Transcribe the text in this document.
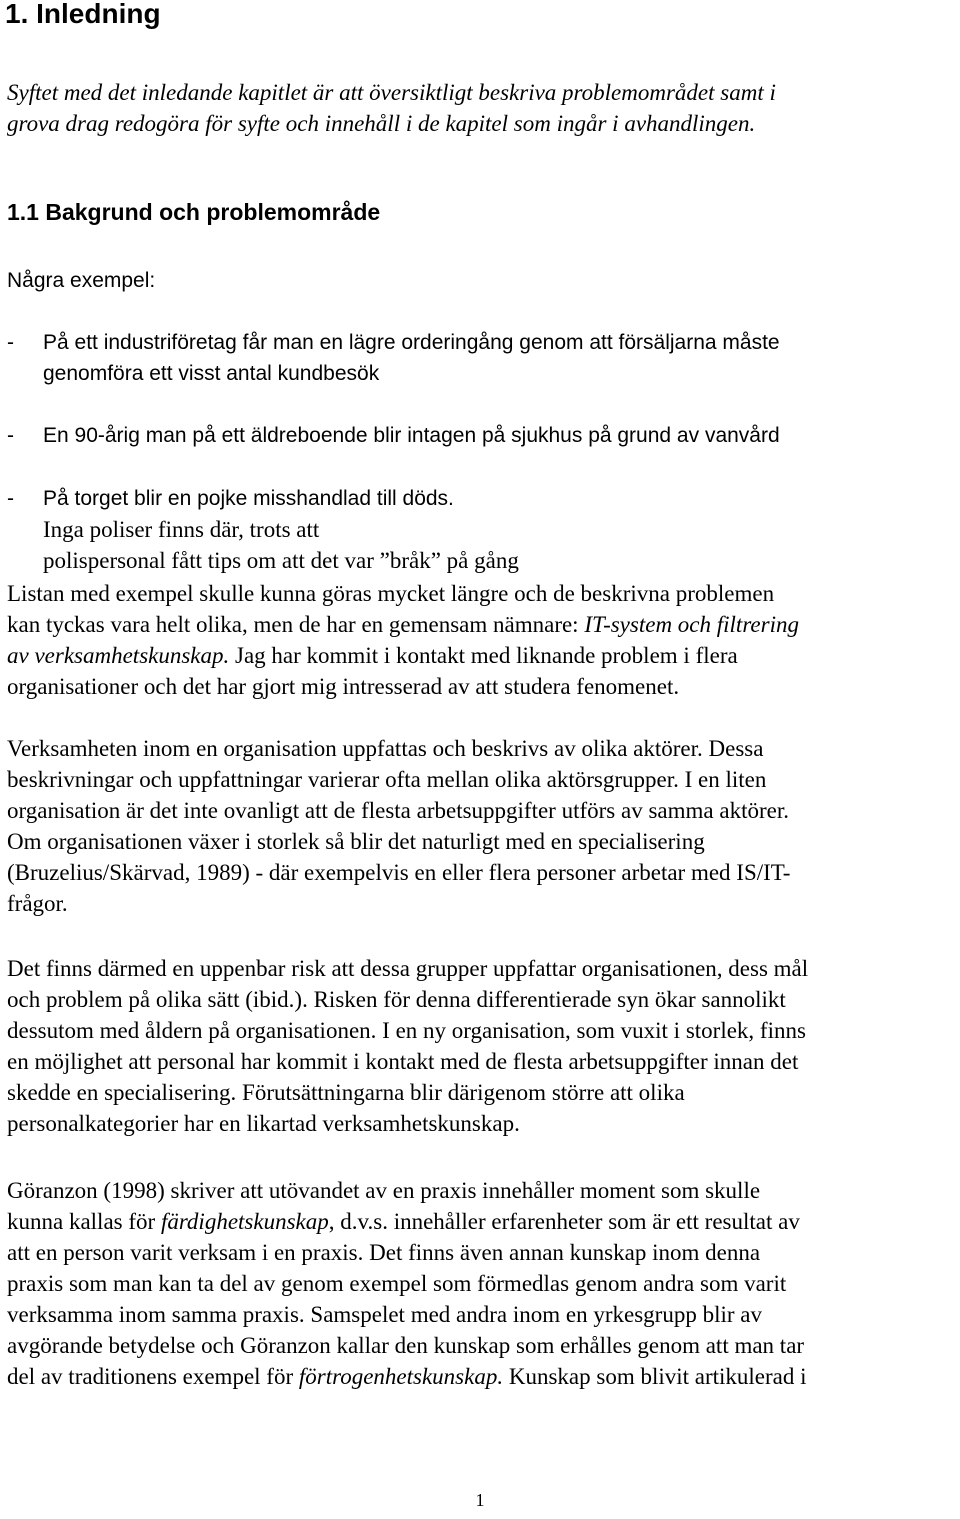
1. Inledning

Syftet med det inledande kapitlet är att översiktligt beskriva problemområdet samt i
grova drag redogöra för syfte och innehåll i de kapitel som ingår i avhandlingen.

1.1 Bakgrund och problemområde

Några exempel:

- På ett industriföretag får man en lägre orderingång genom att försäljarna måste
genomföra ett visst antal kundbesök
- En 90-årig man på ett äldreboende blir intagen på sjukhus på grund av vanvård
- På torget blir en pojke misshandlad till döds.
Inga poliser finns där, trots att
polispersonal fått tips om att det var ”bråk” på gång

Listan med exempel skulle kunna göras mycket längre och de beskrivna problemen
kan tyckas vara helt olika, men de har en gemensam nämnare: IT-system och filtrering
av verksamhetskunskap. Jag har kommit i kontakt med liknande problem i flera
organisationer och det har gjort mig intresserad av att studera fenomenet.

Verksamheten inom en organisation uppfattas och beskrivs av olika aktörer. Dessa
beskrivningar och uppfattningar varierar ofta mellan olika aktörsgrupper. I en liten
organisation är det inte ovanligt att de flesta arbetsuppgifter utförs av samma aktörer.
Om organisationen växer i storlek så blir det naturligt med en specialisering
(Bruzelius/Skärvad, 1989) - där exempelvis en eller flera personer arbetar med IS/IT-
frågor.

Det finns därmed en uppenbar risk att dessa grupper uppfattar organisationen, dess mål
och problem på olika sätt (ibid.). Risken för denna differentierade syn ökar sannolikt
dessutom med åldern på organisationen. I en ny organisation, som vuxit i storlek, finns
en möjlighet att personal har kommit i kontakt med de flesta arbetsuppgifter innan det
skedde en specialisering. Förutsättningarna blir därigenom större att olika
personalkategorier har en likartad verksamhetskunskap.

Göranzon (1998) skriver att utövandet av en praxis innehåller moment som skulle
kunna kallas för färdighetskunskap, d.v.s. innehåller erfarenheter som är ett resultat av
att en person varit verksam i en praxis. Det finns även annan kunskap inom denna
praxis som man kan ta del av genom exempel som förmedlas genom andra som varit
verksamma inom samma praxis. Samspelet med andra inom en yrkesgrupp blir av
avgörande betydelse och Göranzon kallar den kunskap som erhålles genom att man tar
del av traditionens exempel för förtrogenhetskunskap. Kunskap som blivit artikulerad i

1
